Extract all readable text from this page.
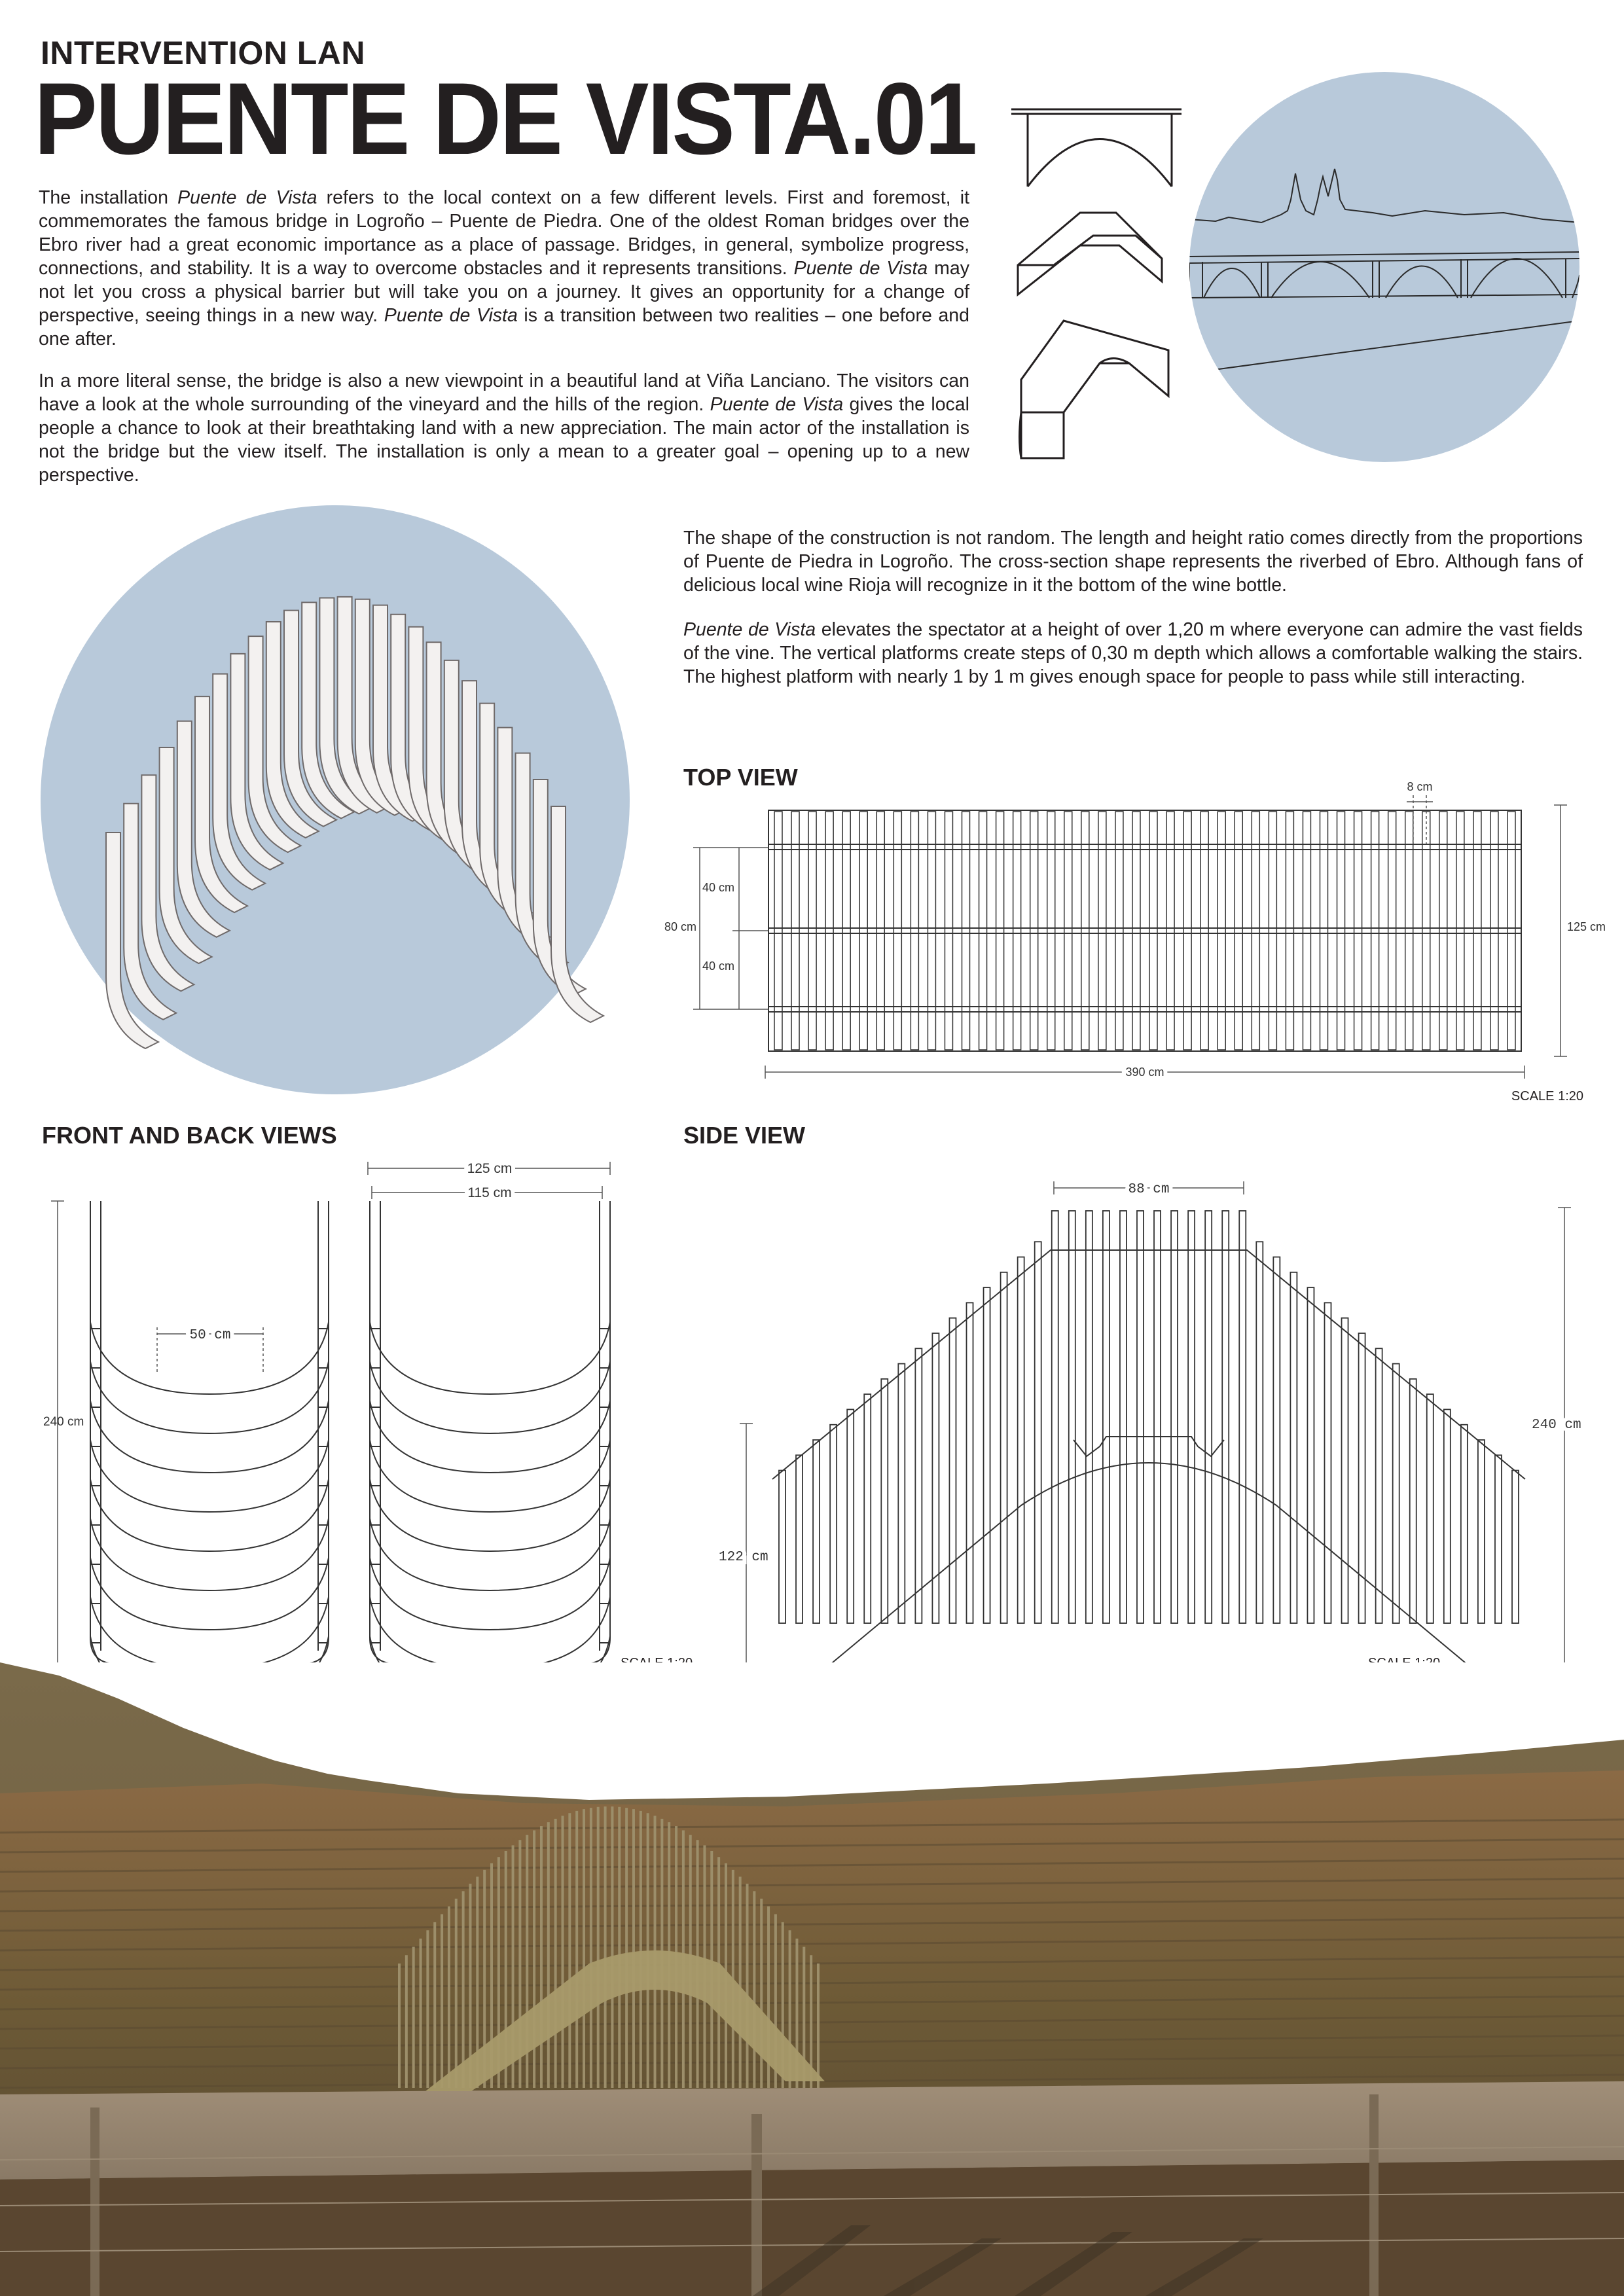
INTERVENTION LAN
PUENTE DE VISTA.01

The installation Puente de Vista refers to the local context on a few different levels. First and foremost, it commemorates the famous bridge in Logroño – Puente de Piedra. One of the oldest Roman bridges over the Ebro river had a great economic importance as a place of passage. Bridges, in general, symbolize progress, connections, and stability. It is a way to overcome obstacles and it represents transitions. Puente de Vista may not let you cross a physical barrier but will take you on a journey. It gives an opportunity for a change of perspective, seeing things in a new way. Puente de Vista is a transition between two realities – one before and one after.

In a more literal sense, the bridge is also a new viewpoint in a beautiful land at Viña Lanciano. The visitors can have a look at the whole surrounding of the vineyard and the hills of the region. Puente de Vista gives the local people a chance to look at their breathtaking land with a new appreciation. The main actor of the installation is not the bridge but the view itself. The installation is only a mean to a greater goal – opening up to a new perspective.

The shape of the construction is not random. The length and height ratio comes directly from the proportions of Puente de Piedra in Logroño. The cross-section shape represents the riverbed of Ebro. Although fans of delicious local wine Rioja will recognize in it the bottom of the wine bottle.

Puente de Vista elevates the spectator at a height of over 1,20 m where everyone can admire the vast fields of the vine. The vertical platforms create steps of 0,30 m depth which allows a comfortable walking the stairs. The highest platform with nearly 1 by 1 m gives enough space for people to pass while still interacting.

TOP VIEW	8 cm
40 cm
40 cm
80 cm	125 cm
390 cm
SCALE 1:20
FRONT AND BACK VIEWS
240 cm
125 cm
115 cm
50 cm
SIDE VIEW
88 cm
240 cm
122 cm
